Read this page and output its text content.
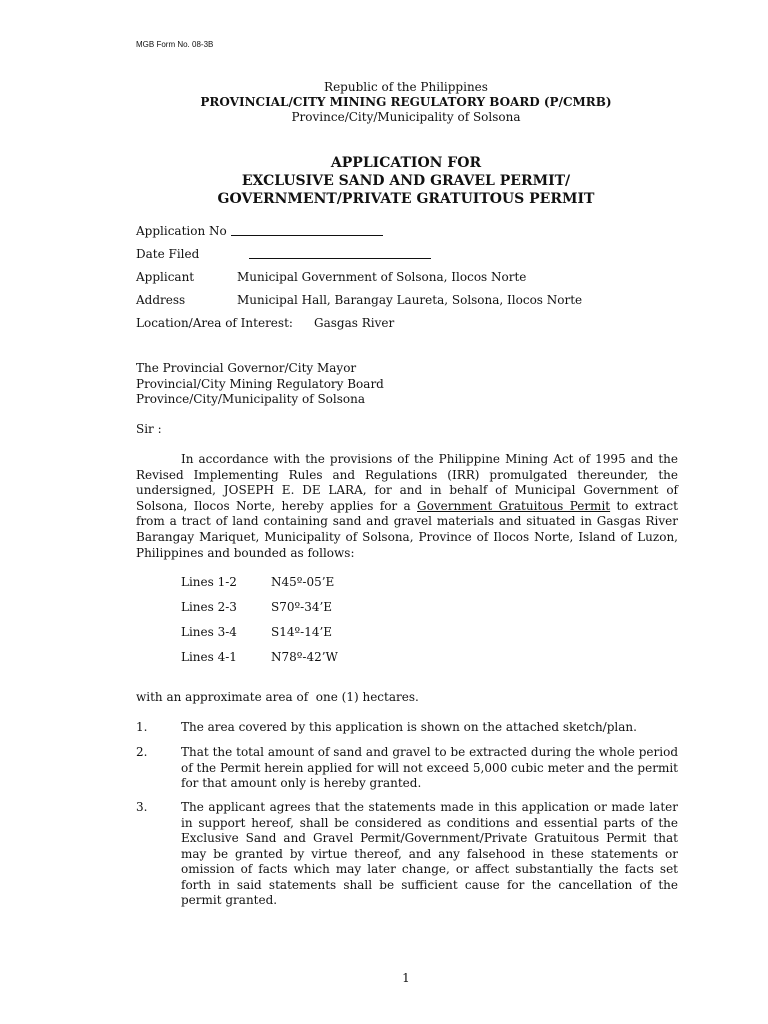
MGB Form No. 08-3B
Republic of the Philippines
PROVINCIAL/CITY MINING REGULATORY BOARD (P/CMRB)
Province/City/Municipality of Solsona
APPLICATION FOR
EXCLUSIVE SAND AND GRAVEL PERMIT/
GOVERNMENT/PRIVATE GRATUITOUS PERMIT
Application No
Date Filed
Applicant	Municipal Government of Solsona, Ilocos Norte
Address	Municipal Hall, Barangay Laureta, Solsona, Ilocos Norte
Location/Area of Interest: Gasgas River
The Provincial Governor/City Mayor
Provincial/City Mining Regulatory Board
Province/City/Municipality of Solsona
Sir :
In accordance with the provisions of the Philippine Mining Act of 1995 and the Revised Implementing Rules and Regulations (IRR) promulgated thereunder, the undersigned, JOSEPH E. DE LARA, for and in behalf of Municipal Government of Solsona, Ilocos Norte, hereby applies for a Government Gratuitous Permit to extract from a tract of land containing sand and gravel materials and situated in Gasgas River Barangay Mariquet, Municipality of Solsona, Province of Ilocos Norte, Island of Luzon, Philippines and bounded as follows:
Lines 1-2	N45º-05’E
Lines 2-3	S70º-34’E
Lines 3-4	S14º-14’E
Lines 4-1	N78º-42’W
with an approximate area of  one (1) hectares.
1.	The area covered by this application is shown on the attached sketch/plan.
2.	That the total amount of sand and gravel to be extracted during the whole period of the Permit herein applied for will not exceed 5,000 cubic meter and the permit for that amount only is hereby granted.
3.	The applicant agrees that the statements made in this application or made later in support hereof, shall be considered as conditions and essential parts of the Exclusive Sand and Gravel Permit/Government/Private Gratuitous Permit that may be granted by virtue thereof, and any falsehood in these statements or omission of facts which may later change, or affect substantially the facts set forth in said statements shall be sufficient cause for the cancellation of the permit granted.
1
